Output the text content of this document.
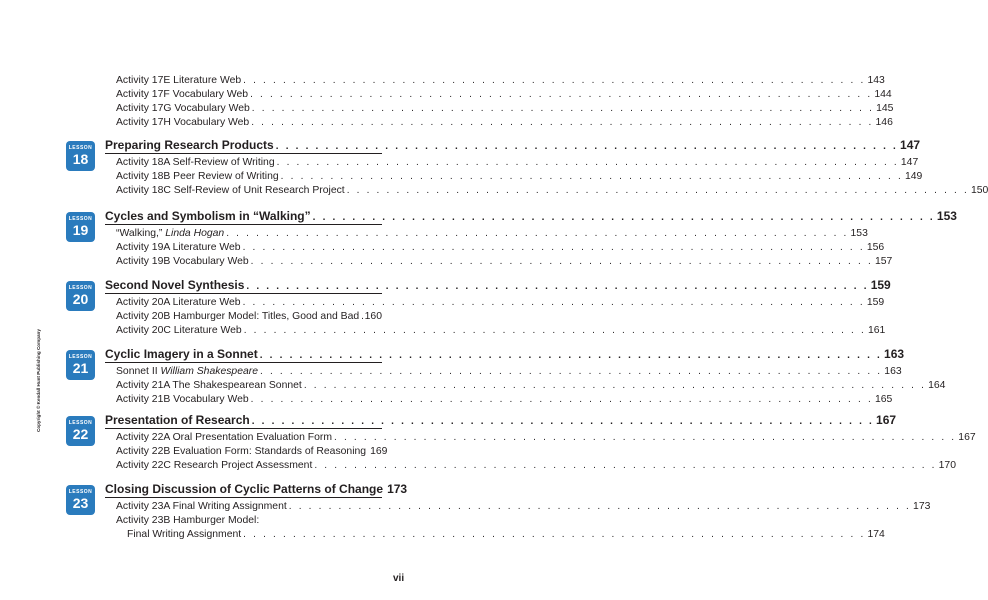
Activity 17E Literature Web . . .	143
Activity 17F Vocabulary Web . . .	144
Activity 17G Vocabulary Web . . .	145
Activity 17H Vocabulary Web . . .	146
LESSON
18
Preparing Research Products . . .	147
Activity 18A Self-Review of Writing . . .	147
Activity 18B Peer Review of Writing . . .	149
Activity 18C Self-Review of Unit Research Project . . .	150
LESSON
19
Cycles and Symbolism in “Walking” . . .	153
“Walking,” Linda Hogan . . .	153
Activity 19A Literature Web . . .	156
Activity 19B Vocabulary Web . . .	157
LESSON
20
Second Novel Synthesis . . .	159
Activity 20A Literature Web . . .	159
Activity 20B Hamburger Model: Titles, Good and Bad . . . 160
Activity 20C Literature Web . . .	161
LESSON
21
Cyclic Imagery in a Sonnet . . .	163
Sonnet II William Shakespeare . . .	163
Activity 21A The Shakespearean Sonnet . . .	164
Activity 21B Vocabulary Web . . .	165
LESSON
22
Presentation of Research . . .	167
Activity 22A Oral Presentation Evaluation Form . . .	167
Activity 22B Evaluation Form: Standards of Reasoning 169
Activity 22C Research Project Assessment . . .	170
LESSON
23
Closing Discussion of Cyclic Patterns of Change 173
Activity 23A Final Writing Assignment . . .	173
Activity 23B Hamburger Model:
Final Writing Assignment . . .	174
Copyright © Kendall Hunt Publishing Company
vii
